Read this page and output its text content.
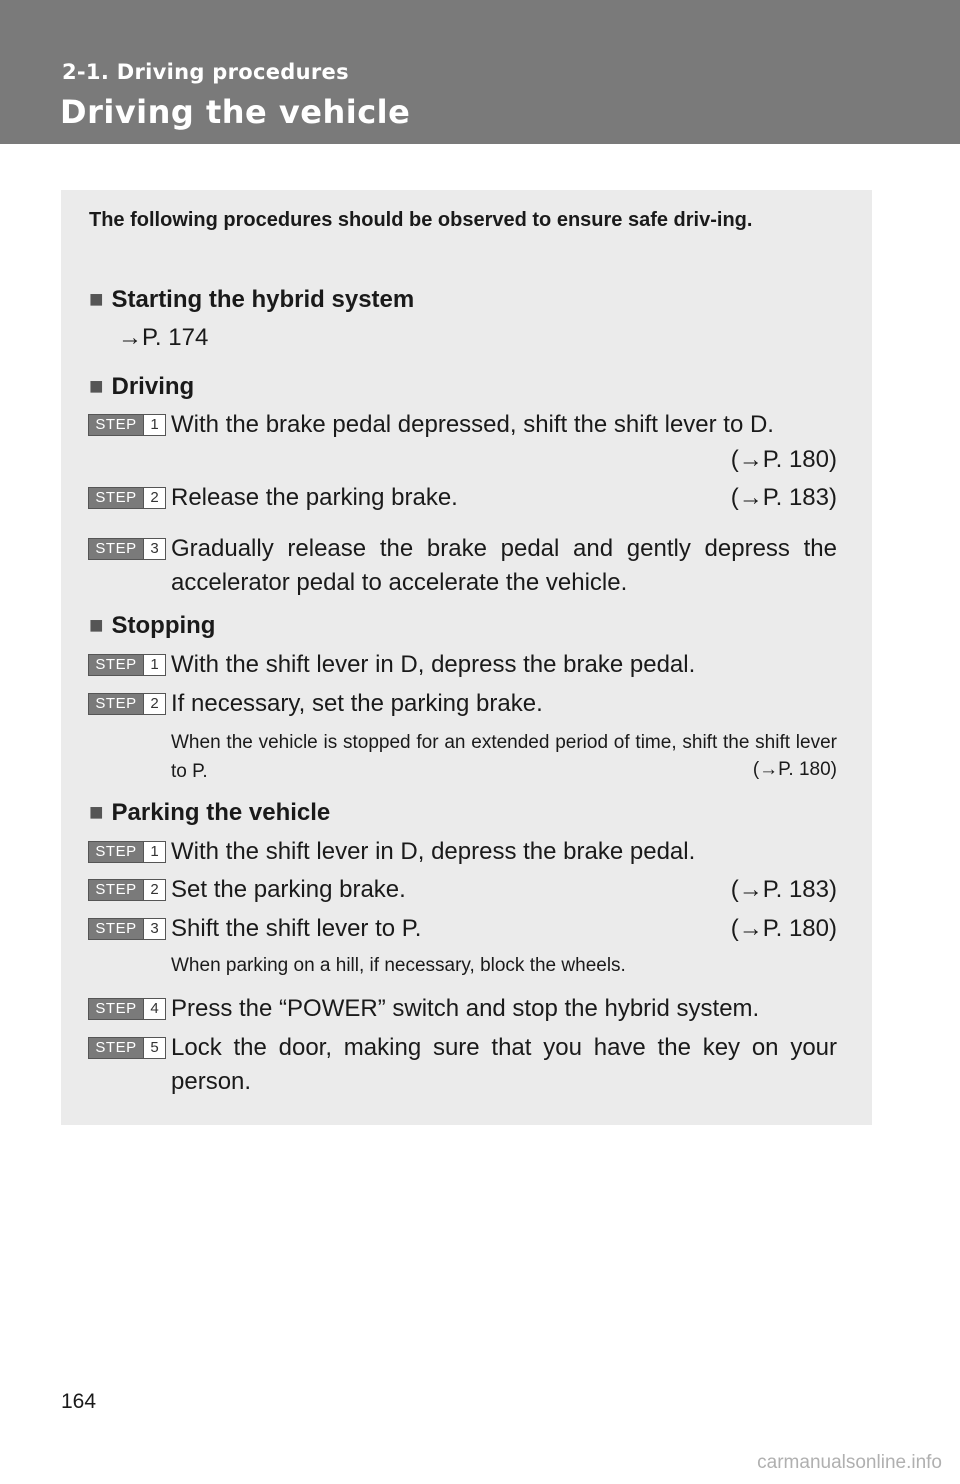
2-1. Driving procedures
Driving the vehicle
The following procedures should be observed to ensure safe driv-ing.
■ Starting the hybrid system
→P. 174
■ Driving
STEP 1 With the brake pedal depressed, shift the shift lever to D.
(→P. 180)
STEP 2 Release the parking brake.	(→P. 183)
STEP 3 Gradually release the brake pedal and gently depress the accelerator pedal to accelerate the vehicle.
■ Stopping
STEP 1 With the shift lever in D, depress the brake pedal.
STEP 2 If necessary, set the parking brake.
When the vehicle is stopped for an extended period of time, shift the shift lever to P.	(→P. 180)
■ Parking the vehicle
STEP 1 With the shift lever in D, depress the brake pedal.
STEP 2 Set the parking brake.	(→P. 183)
STEP 3 Shift the shift lever to P.	(→P. 180)
When parking on a hill, if necessary, block the wheels.
STEP 4 Press the “POWER” switch and stop the hybrid system.
STEP 5 Lock the door, making sure that you have the key on your person.
164
carmanualsonline.info
